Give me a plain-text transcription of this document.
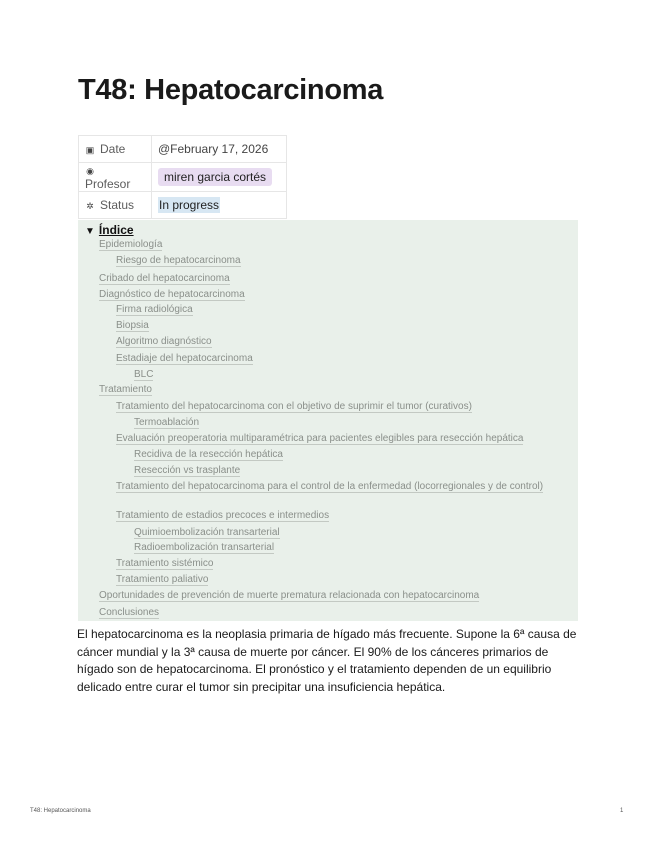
T48: Hepatocarcinoma
▣ Date	@February 17, 2026
◉Profesor	miren garcia cortés
✲ Status	In progress
▼ Índice
Epidemiología
Riesgo de hepatocarcinoma
Cribado del hepatocarcinoma
Diagnóstico de hepatocarcinoma
Firma radiológica
Biopsia
Algoritmo diagnóstico
Estadiaje del hepatocarcinoma
BLC
Tratamiento
Tratamiento del hepatocarcinoma con el objetivo de suprimir el tumor (curativos)
Termoablación
Evaluación preoperatoria multiparamétrica para pacientes elegibles para resección hepática
Recidiva de la resección hepática
Resección vs trasplante
Tratamiento del hepatocarcinoma para el control de la enfermedad (locorregionales y de control)
Tratamiento de estadios precoces e intermedios
Quimioembolización transarterial
Radioembolización transarterial
Tratamiento sistémico
Tratamiento paliativo
Oportunidades de prevención de muerte prematura relacionada con hepatocarcinoma
Conclusiones

El hepatocarcinoma es la neoplasia primaria de hígado más frecuente. Supone la 6ª causa de cáncer mundial y la 3ª causa de muerte por cáncer. El 90% de los cánceres primarios de hígado son de hepatocarcinoma. El pronóstico y el tratamiento dependen de un equilibrio delicado entre curar el tumor sin precipitar una insuficiencia hepática.

T48: Hepatocarcinoma	1
